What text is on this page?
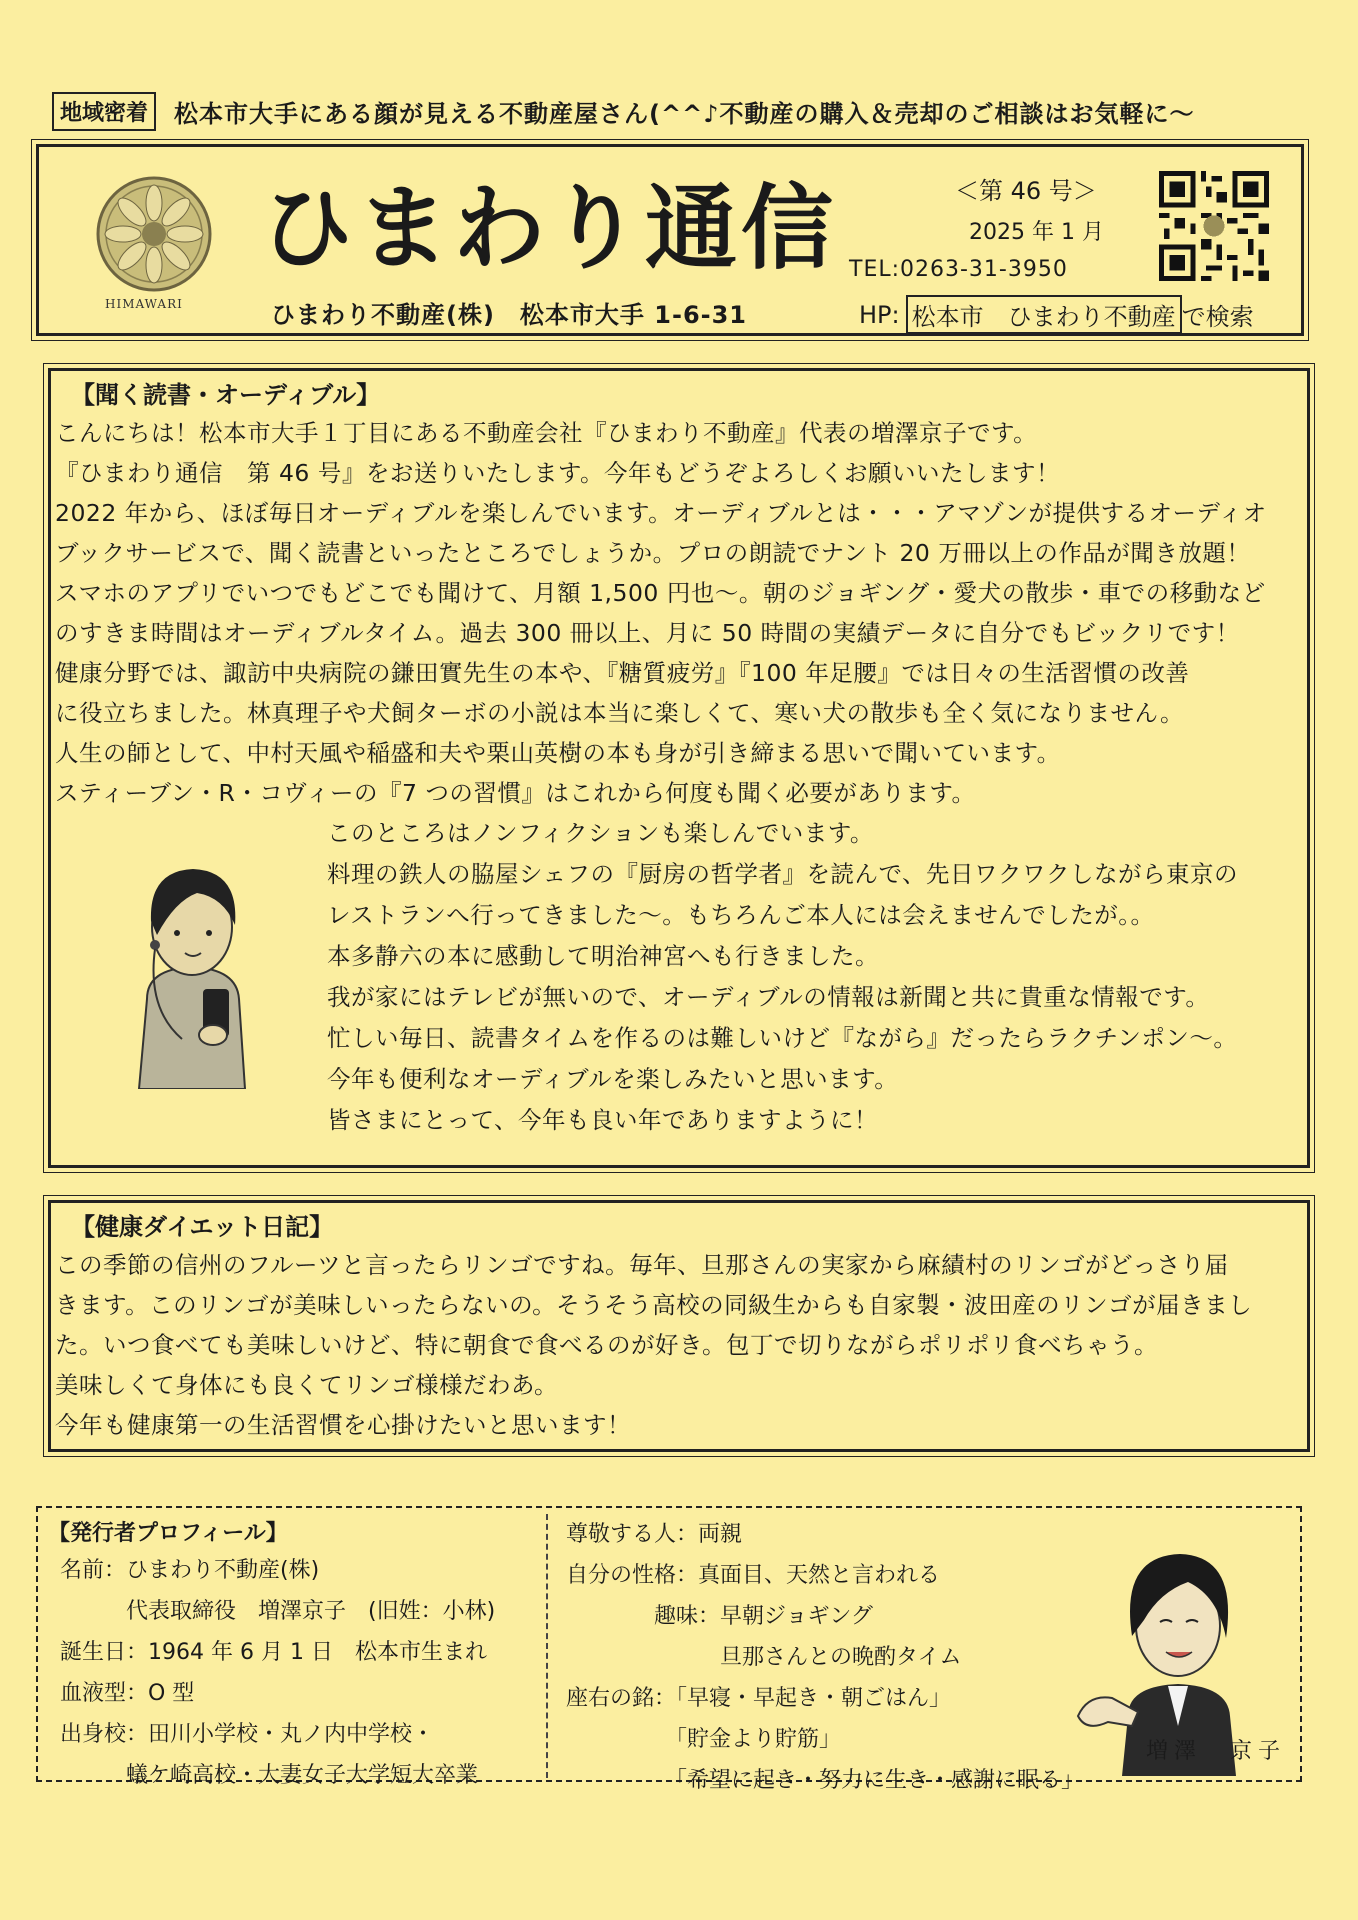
地域密着	松本市大手にある顔が見える不動産屋さん(^^♪不動産の購入＆売却のご相談はお気軽に～
HIMAWARI
ひまわり通信
ひまわり不動産(株)　松本市大手 1-6-31
＜第 46 号＞
2025 年 1 月
TEL:0263-31-3950
HP: 松本市　ひまわり不動産 で検索
【聞く読書・オーディブル】
こんにちは！松本市大手１丁目にある不動産会社『ひまわり不動産』代表の増澤京子です。
『ひまわり通信　第 46 号』をお送りいたします。今年もどうぞよろしくお願いいたします！
2022 年から、ほぼ毎日オーディブルを楽しんでいます。オーディブルとは・・・アマゾンが提供するオーディオ
ブックサービスで、聞く読書といったところでしょうか。プロの朗読でナント 20 万冊以上の作品が聞き放題！
スマホのアプリでいつでもどこでも聞けて、月額 1,500 円也～。朝のジョギング・愛犬の散歩・車での移動など
のすきま時間はオーディブルタイム。過去 300 冊以上、月に 50 時間の実績データに自分でもビックリです！
健康分野では、諏訪中央病院の鎌田實先生の本や、『糖質疲労』『100 年足腰』では日々の生活習慣の改善
に役立ちました。林真理子や犬飼ターボの小説は本当に楽しくて、寒い犬の散歩も全く気になりません。
人生の師として、中村天風や稲盛和夫や栗山英樹の本も身が引き締まる思いで聞いています。
スティーブン・R・コヴィーの『7 つの習慣』はこれから何度も聞く必要があります。
このところはノンフィクションも楽しんでいます。
料理の鉄人の脇屋シェフの『厨房の哲学者』を読んで、先日ワクワクしながら東京の
レストランへ行ってきました～。もちろんご本人には会えませんでしたが。。
本多静六の本に感動して明治神宮へも行きました。
我が家にはテレビが無いので、オーディブルの情報は新聞と共に貴重な情報です。
忙しい毎日、読書タイムを作るのは難しいけど『ながら』だったらラクチンポン～。
今年も便利なオーディブルを楽しみたいと思います。
皆さまにとって、今年も良い年でありますように！
【健康ダイエット日記】
この季節の信州のフルーツと言ったらリンゴですね。毎年、旦那さんの実家から麻績村のリンゴがどっさり届
きます。このリンゴが美味しいったらないの。そうそう高校の同級生からも自家製・波田産のリンゴが届きまし
た。いつ食べても美味しいけど、特に朝食で食べるのが好き。包丁で切りながらポリポリ食べちゃう。
美味しくて身体にも良くてリンゴ様様だわあ。
今年も健康第一の生活習慣を心掛けたいと思います！
【発行者プロフィール】
名前：ひまわり不動産(株)
　　　代表取締役　増澤京子　(旧姓：小林)
誕生日：1964 年 6 月 1 日　松本市生まれ
血液型：O 型
出身校：田川小学校・丸ノ内中学校・
　　　蟻ケ崎高校・大妻女子大学短大卒業
尊敬する人：両親
自分の性格：真面目、天然と言われる
　　　　趣味：早朝ジョギング
　　　　　　　旦那さんとの晩酌タイム
座右の銘：「早寝・早起き・朝ごはん」
　　　　　「貯金より貯筋」
　　　　　「希望に起き・努力に生き・感謝に眠る」
増澤　京子
